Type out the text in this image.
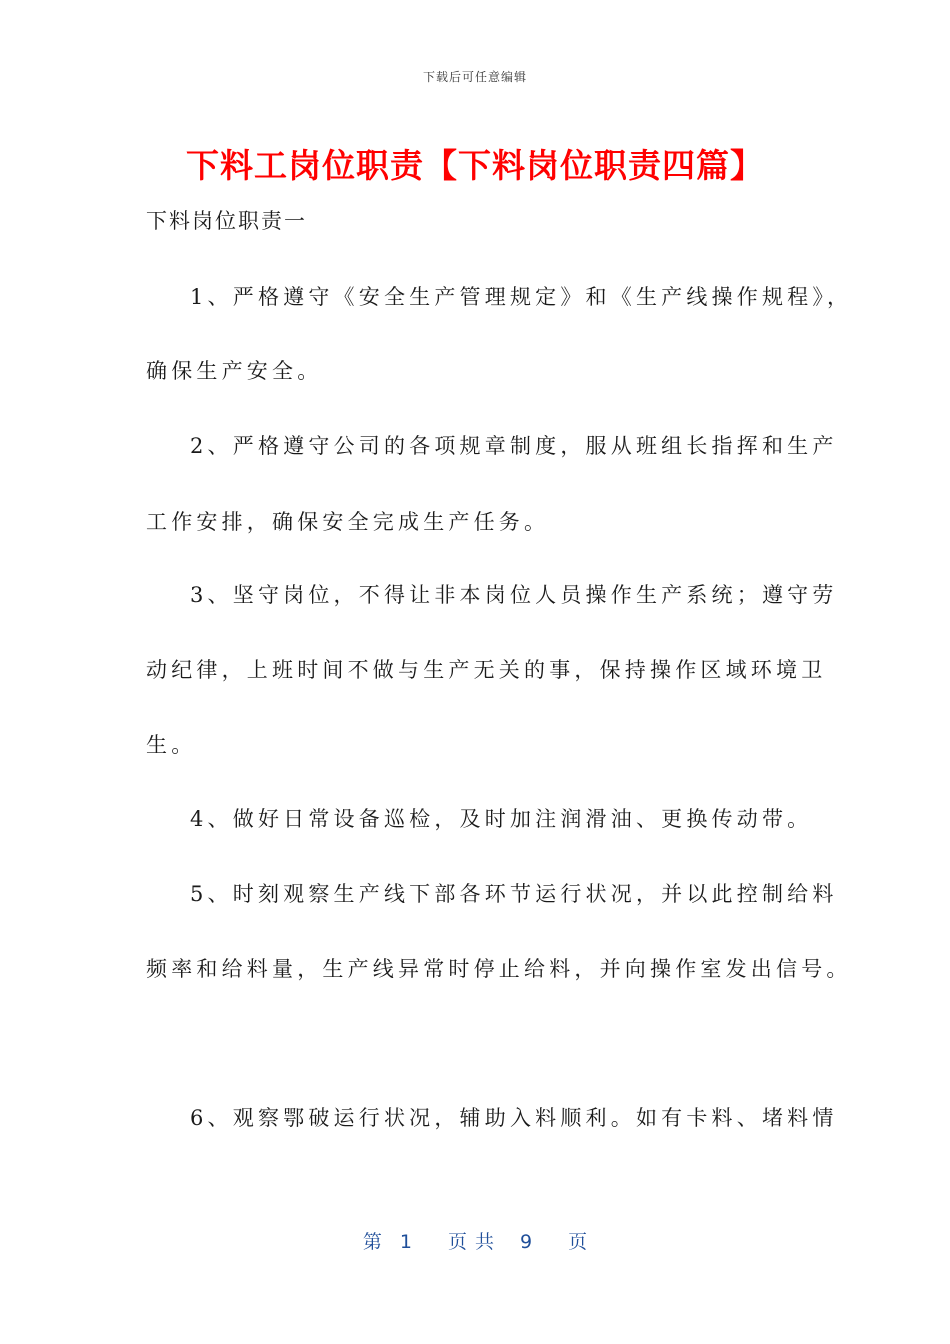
下载后可任意编辑
下料工岗位职责【下料岗位职责四篇】
下料岗位职责一
1、严格遵守《安全生产管理规定》和《生产线操作规程》，
确保生产安全。
2、严格遵守公司的各项规章制度，服从班组长指挥和生产
工作安排，确保安全完成生产任务。
3、坚守岗位，不得让非本岗位人员操作生产系统；遵守劳
动纪律，上班时间不做与生产无关的事，保持操作区域环境卫
生。
4、做好日常设备巡检，及时加注润滑油、更换传动带。
5、时刻观察生产线下部各环节运行状况，并以此控制给料
频率和给料量，生产线异常时停止给料，并向操作室发出信号。
6、观察鄂破运行状况，辅助入料顺利。如有卡料、堵料情
第 1 页共 9 页
